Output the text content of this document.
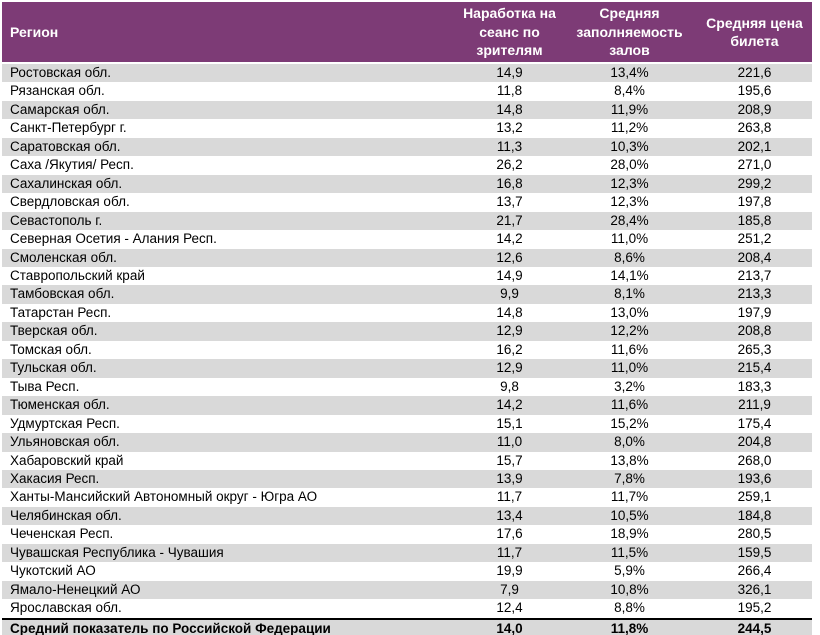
Регион	Наработка на сеанс по зрителям	Средняя заполняемость залов	Средняя цена билета
Ростовская обл.	14,9	13,4%	221,6
Рязанская обл.	11,8	8,4%	195,6
Самарская обл.	14,8	11,9%	208,9
Санкт-Петербург г.	13,2	11,2%	263,8
Саратовская обл.	11,3	10,3%	202,1
Саха /Якутия/ Респ.	26,2	28,0%	271,0
Сахалинская обл.	16,8	12,3%	299,2
Свердловская обл.	13,7	12,3%	197,8
Севастополь г.	21,7	28,4%	185,8
Северная Осетия - Алания Респ.	14,2	11,0%	251,2
Смоленская обл.	12,6	8,6%	208,4
Ставропольский край	14,9	14,1%	213,7
Тамбовская обл.	9,9	8,1%	213,3
Татарстан Респ.	14,8	13,0%	197,9
Тверская обл.	12,9	12,2%	208,8
Томская обл.	16,2	11,6%	265,3
Тульская обл.	12,9	11,0%	215,4
Тыва Респ.	9,8	3,2%	183,3
Тюменская обл.	14,2	11,6%	211,9
Удмуртская Респ.	15,1	15,2%	175,4
Ульяновская обл.	11,0	8,0%	204,8
Хабаровский край	15,7	13,8%	268,0
Хакасия Респ.	13,9	7,8%	193,6
Ханты-Мансийский Автономный округ - Югра АО	11,7	11,7%	259,1
Челябинская обл.	13,4	10,5%	184,8
Чеченская Респ.	17,6	18,9%	280,5
Чувашская Республика - Чувашия	11,7	11,5%	159,5
Чукотский АО	19,9	5,9%	266,4
Ямало-Ненецкий АО	7,9	10,8%	326,1
Ярославская обл.	12,4	8,8%	195,2
Средний показатель по Российской Федерации	14,0	11,8%	244,5
